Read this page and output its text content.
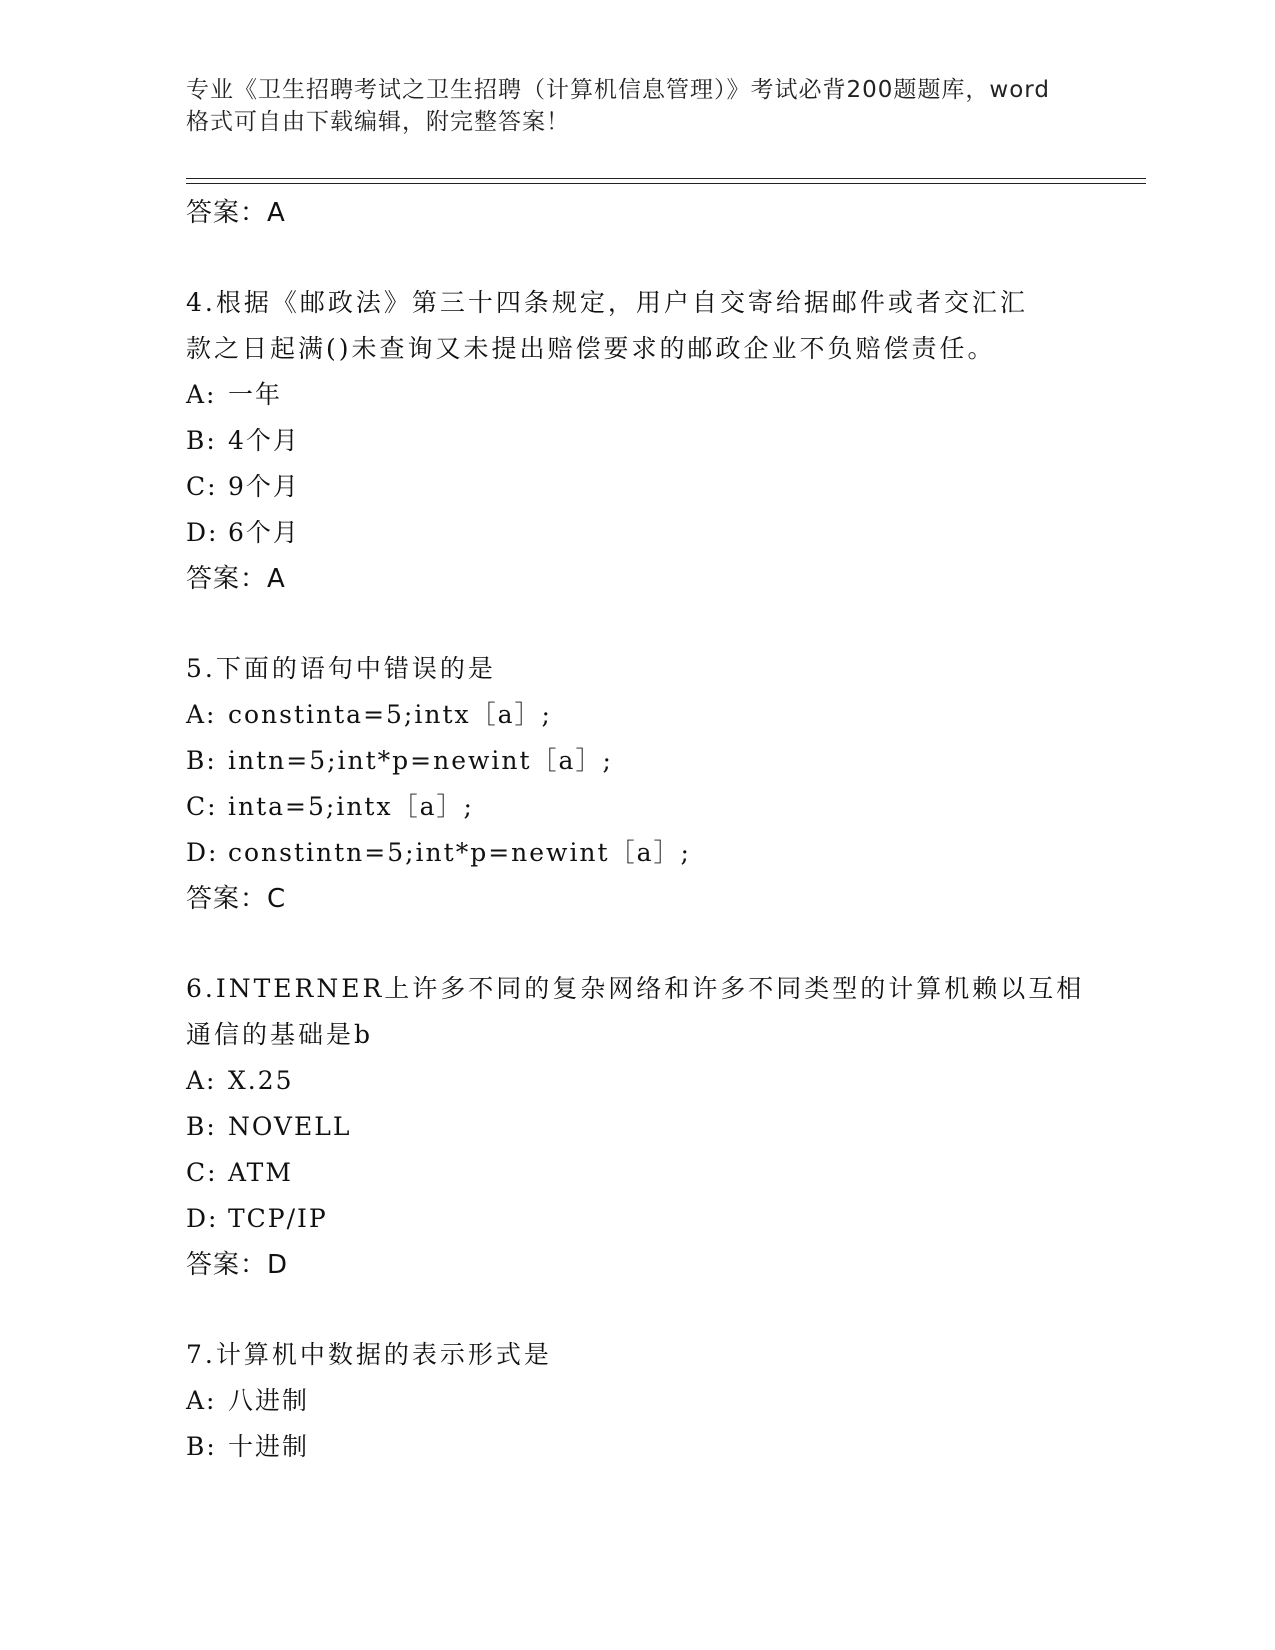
专业《卫生招聘考试之卫生招聘（计算机信息管理）》考试必背200题题库，word
格式可自由下载编辑，附完整答案！
答案：A
4.根据《邮政法》第三十四条规定，用户自交寄给据邮件或者交汇汇
款之日起满()未查询又未提出赔偿要求的邮政企业不负赔偿责任。
A: 一年
B: 4个月
C: 9个月
D: 6个月
答案：A
5.下面的语句中错误的是
A: constinta=5;intx［a］;
B: intn=5;int*p=newint［a］;
C: inta=5;intx［a］;
D: constintn=5;int*p=newint［a］;
答案：C
6.INTERNER上许多不同的复杂网络和许多不同类型的计算机赖以互相
通信的基础是b
A: X.25
B: NOVELL
C: ATM
D: TCP/IP
答案：D
7.计算机中数据的表示形式是
A: 八进制
B: 十进制
